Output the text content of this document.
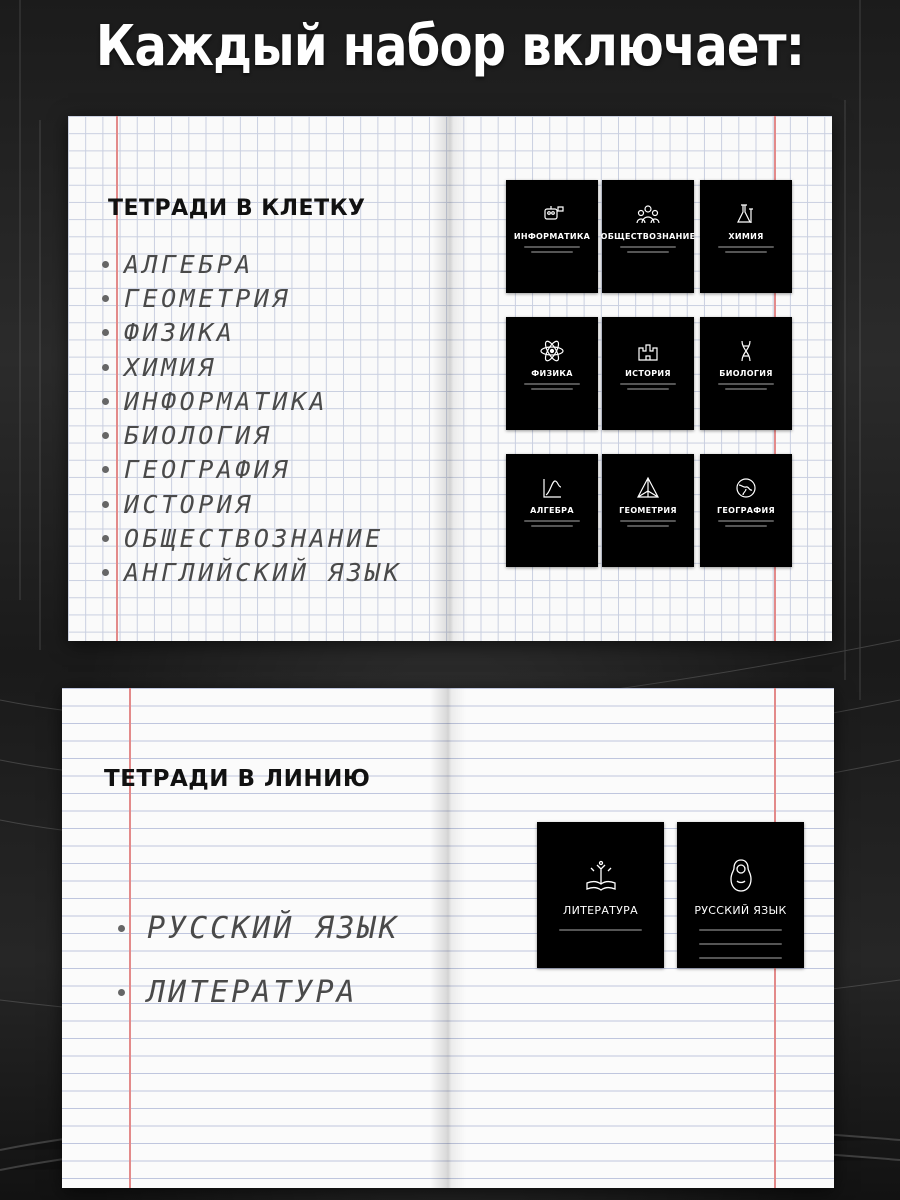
Каждый набор включает:
ТЕТРАДИ В КЛЕТКУ
АЛГЕБРА
ГЕОМЕТРИЯ
ФИЗИКА
ХИМИЯ
ИНФОРМАТИКА
БИОЛОГИЯ
ГЕОГРАФИЯ
ИСТОРИЯ
ОБЩЕСТВОЗНАНИЕ
АНГЛИЙСКИЙ ЯЗЫК
ИНФОРМАТИКА ОБЩЕСТВОЗНАНИЕ	ХИМИЯ
ФИЗИКА	ИСТОРИЯ	БИОЛОГИЯ
АЛГЕБРА	ГЕОМЕТРИЯ	ГЕОГРАФИЯ
ТЕТРАДИ В ЛИНИЮ
РУССКИЙ ЯЗЫК
ЛИТЕРАТУРА
ЛИТЕРАТУРА	РУССКИЙ ЯЗЫК
